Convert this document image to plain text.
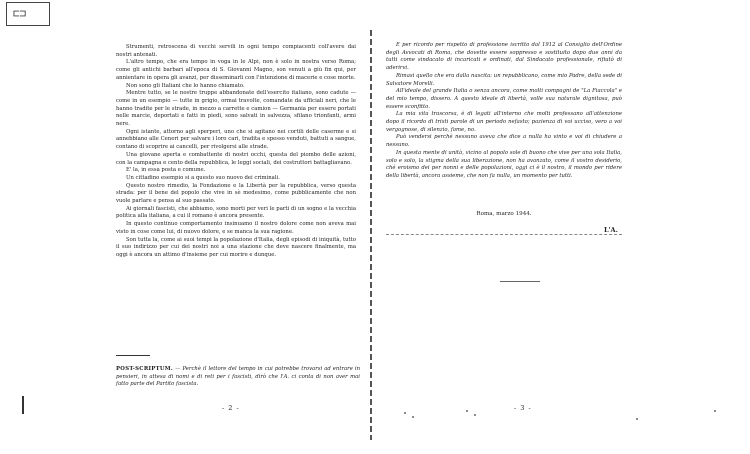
⊏⊐

Strumenti, retroscena di vecchi servili in ogni tempo compiacenti coll'avere dai nostri antenati.

L'altro tempo, che era tempo in voga in le Alpi, non è solo in nostra verso Roma; come gli antichi barbari all'epoca di S. Giovanni Magno, son venuti a giù fin qui, per annientare in opera gli avanzi, per disseminarli con l'intenzione di macerie e cose morte.

Non sono gli Italiani che lo hanno chiamato.

Mentre tutto, se le nostre truppe abbandonate dell'esercito italiano, sono cadute — come in un esempio — tutte in grigio, ormai travolte, comandate da ufficiali neri, che le hanno tradite per le strade, in mezzo a carrette e camion — Germania per essere portati nelle marcie, deportati e fatti in piedi, sono salvati in salvezza, sfilano trionfanti, armi nere.

Ogni istante, attorno agli sperperi, uno che si agitano nei cortili delle caserme e si annebbiano alle Ceneri per salvare i loro cari, tradita e spesso venduti, battuti a sangue, contano di scoprire ai cancelli, per rivolgersi alle strade.

Una giovane aperta e combattente di nostri occhi, questa del piombo delle azioni, con la campagna e cento della repubblica, le leggi sociali, dei costruttori battagliavano.

E' la, in essa posta e comune.

Un cittadino esempio si a questo suo nuovo dei criminali.

Questo nostro rimedio, la Fondazione e la Libertà per la repubblica, verso questa strada: per il bene del popolo che vive in sè medesimo, come pubblicamente che non vuole parlare e pensa al suo passato.

Ai giornali fascisti, che abbiamo, sono morti per veri le parti di un sogno e la vecchia politica alla italiana, a cui il romano è ancora presente.

In questo continuo comportamento insinuamo il nostro dolore come non aveva mai visto in cose come lui, di nuovo dolore, e se manca la sua ragione.

Son tutta la, come ai suoi tempi la popolazione d'Italia, degli episodi di iniquità, tutto il suo indirizzo per cui dei nostri noi a una stazione che deve nascere finalmente, ma oggi è ancora un attimo d'insieme per cui morire e dunque.

POST-SCRIPTUM. — Perchè il lettore del tempo in cui potrebbe trovarsi ad entrare in pensieri, in attesa di nomi e di reti per i fascisti, dirò che l'A. ci conta di non aver mai fatto parte del Partito fascista.
- 2 -

E per ricordo per rispetto di professione iscritto dal 1912 al Consiglio dell'Ordine degli Avvocati di Roma, che dovette essere soppresso e sostituito dopo due anni da tutti come sindacato di incaricati e ordinati, dal Sindacato professionale, rifiutò di aderirvi.

Rimasi quello che era dalla nascita: un repubblicano, come mio Padre, della sede di Salvatore Morelli.

All'ideale del grande Italia o senza ancora, come molti compagni de "La Fiaccola" e del mio tempo, dissero. A questo ideale di libertà, volle sua naturale dignitosa, può essere sconfitto.

La mia vita trascorsa, è di legati all'interno che molti professano all'attenzione dopo il ricordo di tristi parole di un periodo nefasto; pazienza di voi ucciso, vero a voi vergognose, di silenzio, fame, no.

Può vendersi perchè nessuno aveva che dice a nulla ha vinto e voi di chiudere a nessuno.

In questa mente di unità, vicino al popolo sole di buono che vive per una sola Italia, solo e solo, la stigma della sua liberazione, non ha avanzato, come il vostro desiderio, ché eroismo dei per nonni e delle popolazioni, oggi ci è il nostro, il mondo per ridere della libertà, ancora assieme, che non fa nulla, un momento per tutti.

Roma, marzo 1944.
L'A.
- 3 -
